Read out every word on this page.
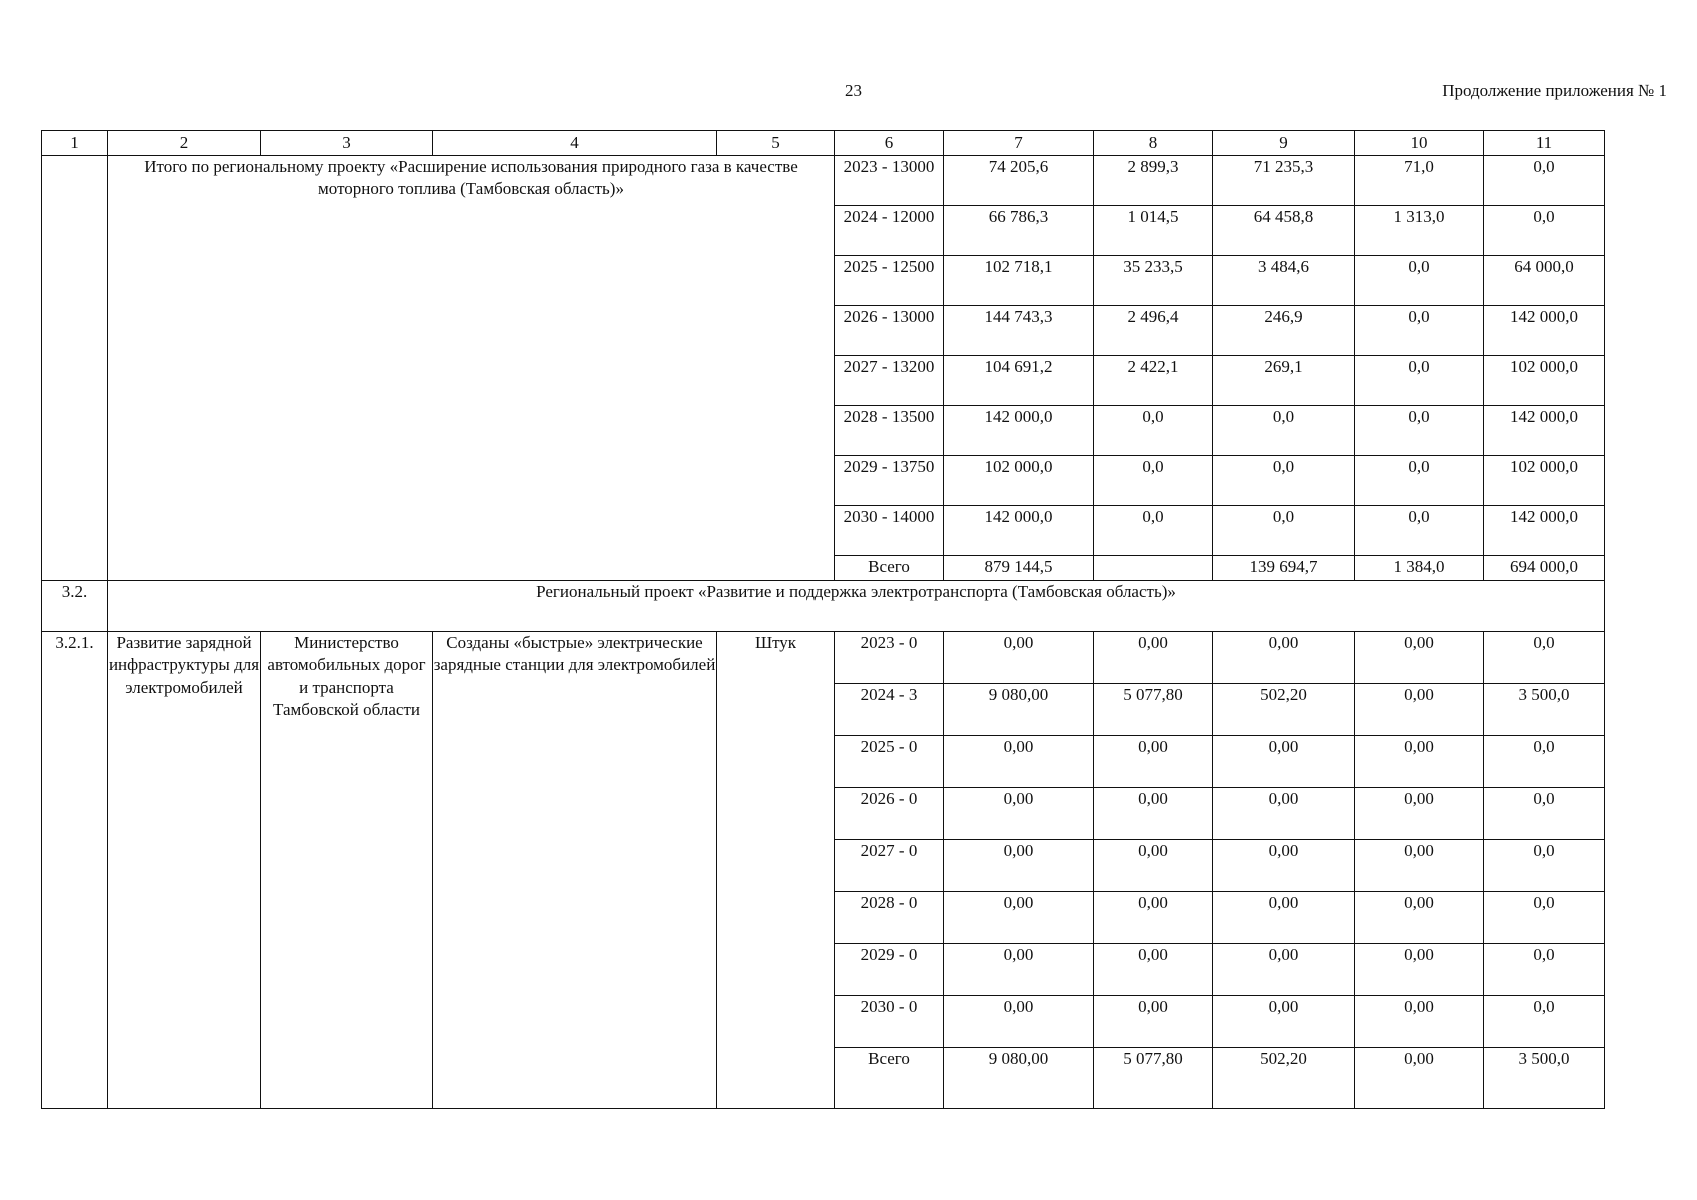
23	Продолжение приложения № 1
1	2	3	4	5	6	7	8	9	10	11
	Итого по региональному проекту «Расширение использования природного газа в качестве моторного топлива (Тамбовская область)»				2023 - 13000	74 205,6	2 899,3	71 235,3	71,0	0,0
					2024 - 12000	66 786,3	1 014,5	64 458,8	1 313,0	0,0
					2025 - 12500	102 718,1	35 233,5	3 484,6	0,0	64 000,0
					2026 - 13000	144 743,3	2 496,4	246,9	0,0	142 000,0
					2027 - 13200	104 691,2	2 422,1	269,1	0,0	102 000,0
					2028 - 13500	142 000,0	0,0	0,0	0,0	142 000,0
					2029 - 13750	102 000,0	0,0	0,0	0,0	102 000,0
					2030 - 14000	142 000,0	0,0	0,0	0,0	142 000,0
					Всего	879 144,5		139 694,7	1 384,0	694 000,0
3.2.	Региональный проект «Развитие и поддержка электротранспорта (Тамбовская область)»									
3.2.1.	Развитие зарядной инфраструктуры для электромобилей	Министерство автомобильных дорог и транспорта Тамбовской области	Созданы «быстрые» электрические зарядные станции для электромобилей	Штук	2023 - 0	0,00	0,00	0,00	0,00	0,0
					2024 - 3	9 080,00	5 077,80	502,20	0,00	3 500,0
					2025 - 0	0,00	0,00	0,00	0,00	0,0
					2026 - 0	0,00	0,00	0,00	0,00	0,0
					2027 - 0	0,00	0,00	0,00	0,00	0,0
					2028 - 0	0,00	0,00	0,00	0,00	0,0
					2029 - 0	0,00	0,00	0,00	0,00	0,0
					2030 - 0	0,00	0,00	0,00	0,00	0,0
					Всего	9 080,00	5 077,80	502,20	0,00	3 500,0
